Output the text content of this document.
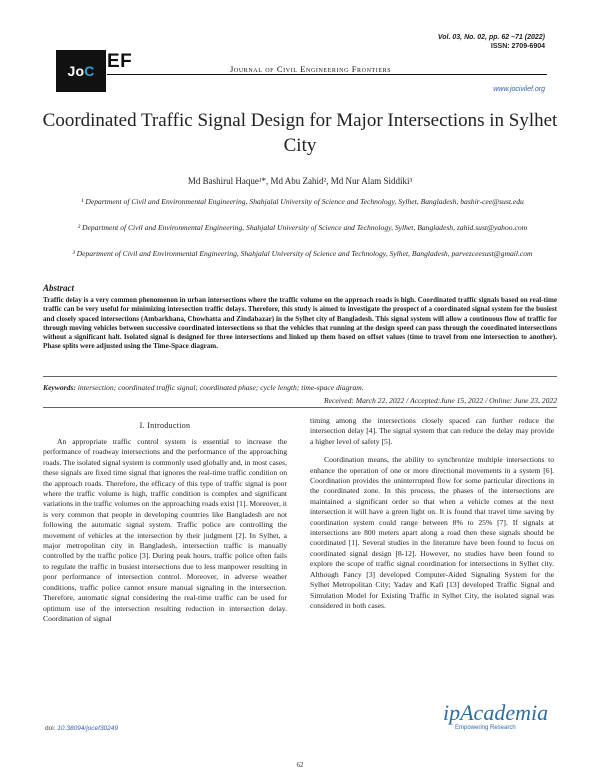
Vol. 03, No. 02, pp. 62 –71 (2022)
ISSN: 2709-6904
Jo C EF	Journal of Civil Engineering Frontiers
www.jocivilef.org
Coordinated Traffic Signal Design for Major Intersections in Sylhet City
Md Bashirul Haque¹*, Md Abu Zahid², Md Nur Alam Siddiki³
¹ Department of Civil and Environmental Engineering, Shahjalal University of Science and Technology, Sylhet, Bangladesh, bashir-cee@sust.edu
² Department of Civil and Environmental Engineering, Shahjalal University of Science and Technology, Sylhet, Bangladesh, zahid.sust@yahoo.com
³ Department of Civil and Environmental Engineering, Shahjalal University of Science and Technology, Sylhet, Bangladesh, parvezceesust@gmail.com
Abstract
Traffic delay is a very common phenomenon in urban intersections where the traffic volume on the approach roads is high. Coordinated traffic signals based on real-time traffic can be very useful for minimizing intersection traffic delays. Therefore, this study is aimed to investigate the prospect of a coordinated signal system for the busiest and closely spaced intersections (Ambarkhana, Chowhatta and Zindabazar) in the Sylhet city of Bangladesh. This signal system will allow a continuous flow of traffic for through moving vehicles between successive coordinated intersections so that the vehicles that running at the design speed can pass through the coordinated intersections without a significant halt. Isolated signal is designed for three intersections and linked up them based on offset values (time to travel from one intersection to another). Phase splits were adjusted using the Time-Space diagram.
Keywords: intersection; coordinated traffic signal; coordinated phase; cycle length; time-space diagram.
Received: March 22, 2022 / Accepted:June 15, 2022 / Online: June 23, 2022
I. Introduction

An appropriate traffic control system is essential to increase the performance of roadway intersections and the performance of the approaching roads. The isolated signal system is commonly used globally and, in most cases, these signals are fixed time signal that ignores the real-time traffic condition on the approach roads. Therefore, the efficacy of this type of traffic signal is poor where the traffic volume is high, traffic condition is complex and significant variations in the traffic volumes on the approaching roads exist [1]. Moreover, it is very common that people in developing countries like Bangladesh are not following the automatic signal system. Traffic police are controlling the movement of vehicles at the intersection by their judgment [2]. In Sylhet, a major metropolitan city in Bangladesh, intersection traffic is manually controlled by the traffic police [3]. During peak hours, traffic police often fails to regulate the traffic in busiest intersections due to less manpower resulting in poor performance of intersection control. Moreover, in adverse weather conditions, traffic police cannot ensure manual signaling in the intersection. Therefore, automatic signal considering the real-time traffic can be used for optimum use of the intersection resulting reduction in intersection delay. Coordination of signal

timing among the intersections closely spaced can further reduce the intersection delay [4]. The signal system that can reduce the delay may provide a higher level of safety [5].

Coordination means, the ability to synchronize multiple intersections to enhance the operation of one or more directional movements in a system [6]. Coordination provides the uninterrupted flow for some particular directions in the coordinated zone. In this process, the phases of the intersections are maintained a significant order so that when a vehicle comes at the next intersection it will have a green light on. It is found that travel time saving by coordination system could range between 8% to 25% [7]. If signals at intersections are 800 meters apart along a road then these signals should be coordinated [1]. Several studies in the literature have been found to focus on coordinated signal design [8-12]. However, no studies have been found to explore the scope of traffic signal coordination for intersections in Sylhet city. Although Fancy [3] developed Computer-Aided Signaling System for the Sylhet Metropolitan City; Yadav and Kafi [13] developed Traffic Signal and Simulation Model for Existing Traffic in Sylhet City, the isolated signal was considered in both cases.

ipAcademia
Empowering Research
doi: 10.38094/jocef30249
62
